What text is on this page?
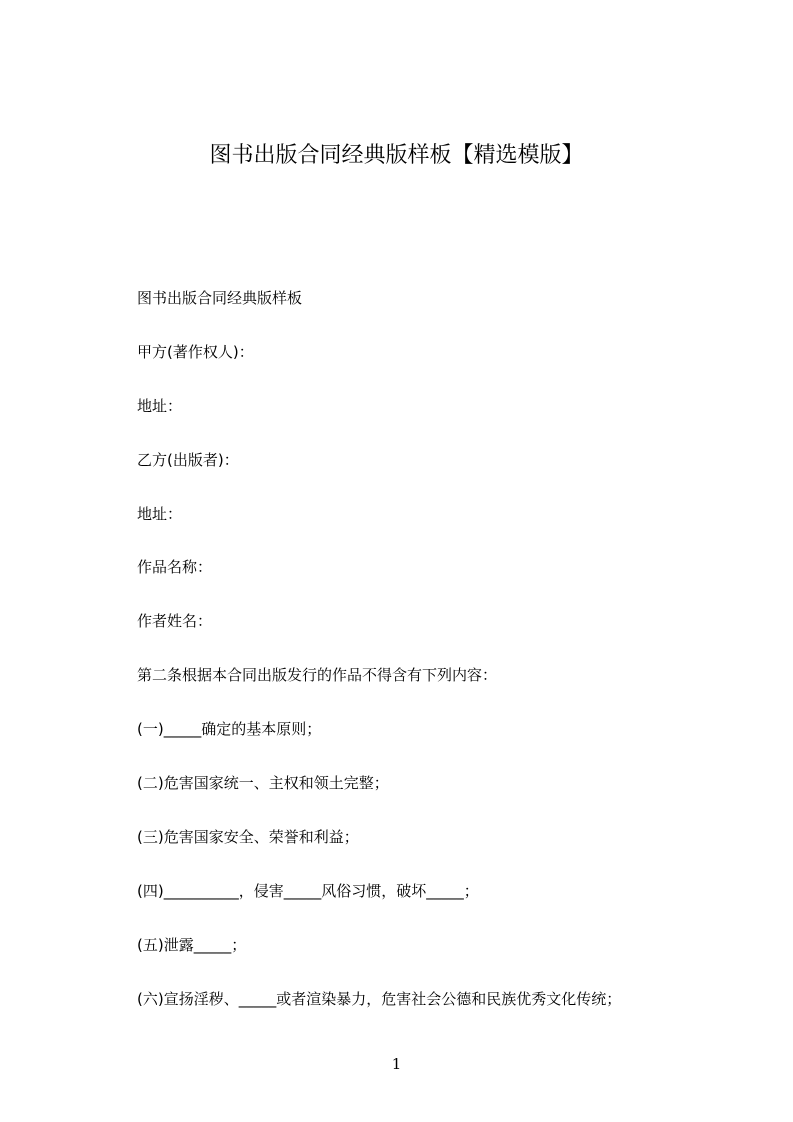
图书出版合同经典版样板【精选模版】

图书出版合同经典版样板

甲方(著作权人)：

地址：

乙方(出版者)：

地址：

作品名称：

作者姓名：

第二条根据本合同出版发行的作品不得含有下列内容：

(一)_____确定的基本原则；

(二)危害国家统一、主权和领土完整；

(三)危害国家安全、荣誉和利益；

(四)__________，侵害_____风俗习惯，破坏_____；

(五)泄露_____；

(六)宣扬淫秽、_____或者渲染暴力，危害社会公德和民族优秀文化传统；

1
